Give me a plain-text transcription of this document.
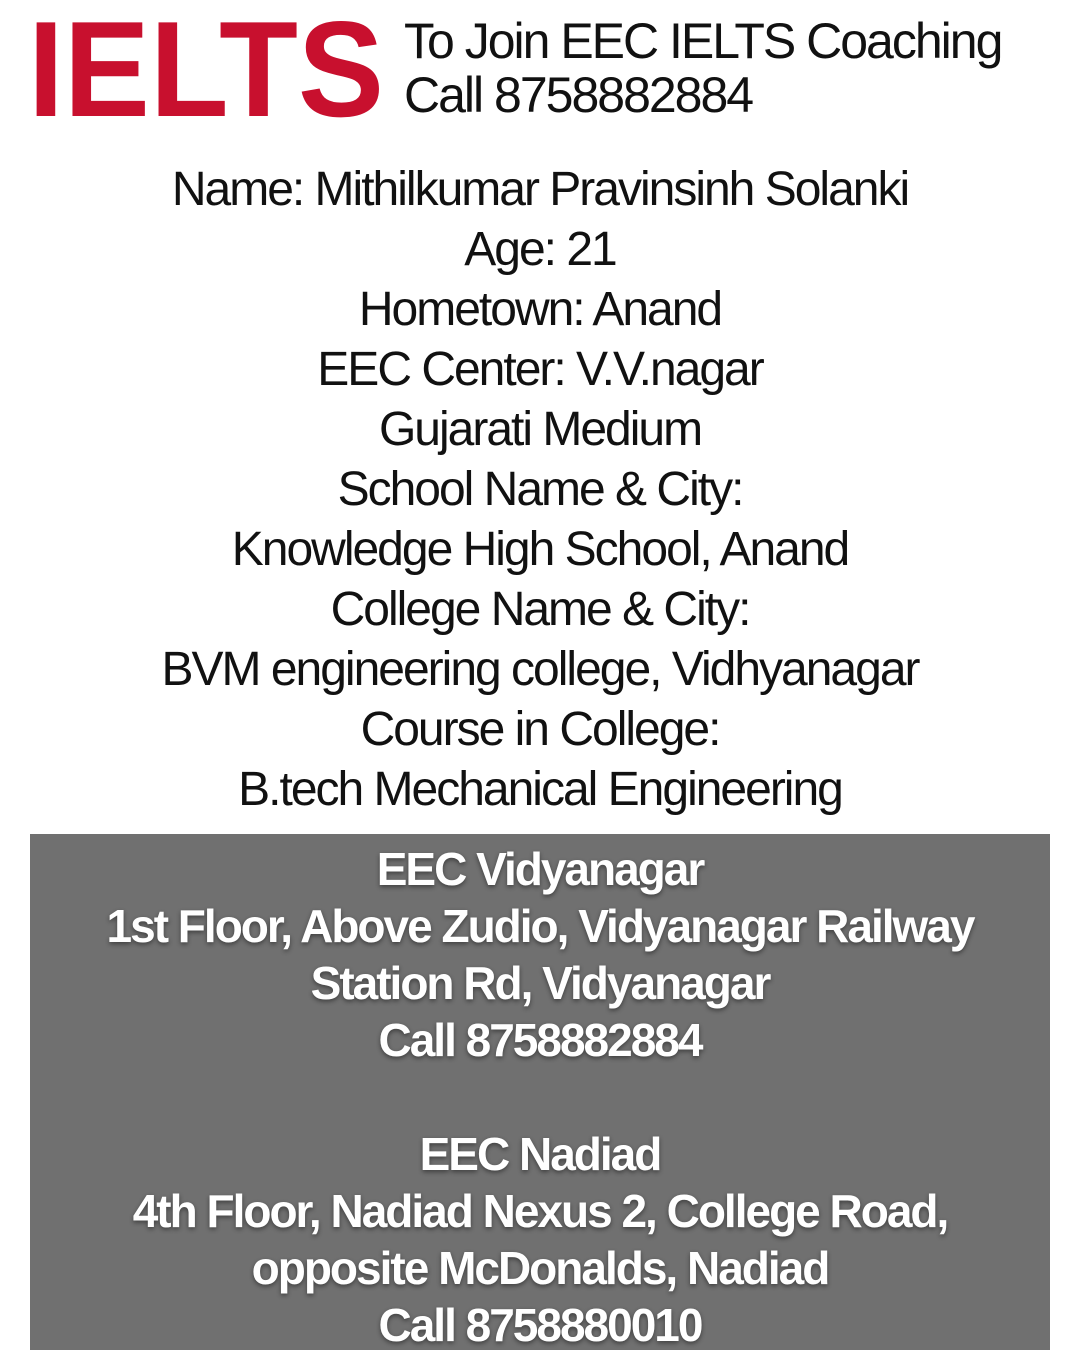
IELTS To Join EEC IELTS Coaching
Call 8758882884
Name: Mithilkumar Pravinsinh Solanki
Age: 21
Hometown: Anand
EEC Center: V.V.nagar
Gujarati Medium
School Name & City:
Knowledge High School, Anand
College Name & City:
BVM engineering college, Vidhyanagar
Course in College:
B.tech Mechanical Engineering
EEC Vidyanagar
1st Floor, Above Zudio, Vidyanagar Railway
Station Rd, Vidyanagar
Call 8758882884
EEC Nadiad
4th Floor, Nadiad Nexus 2, College Road,
opposite McDonalds, Nadiad
Call 8758880010
